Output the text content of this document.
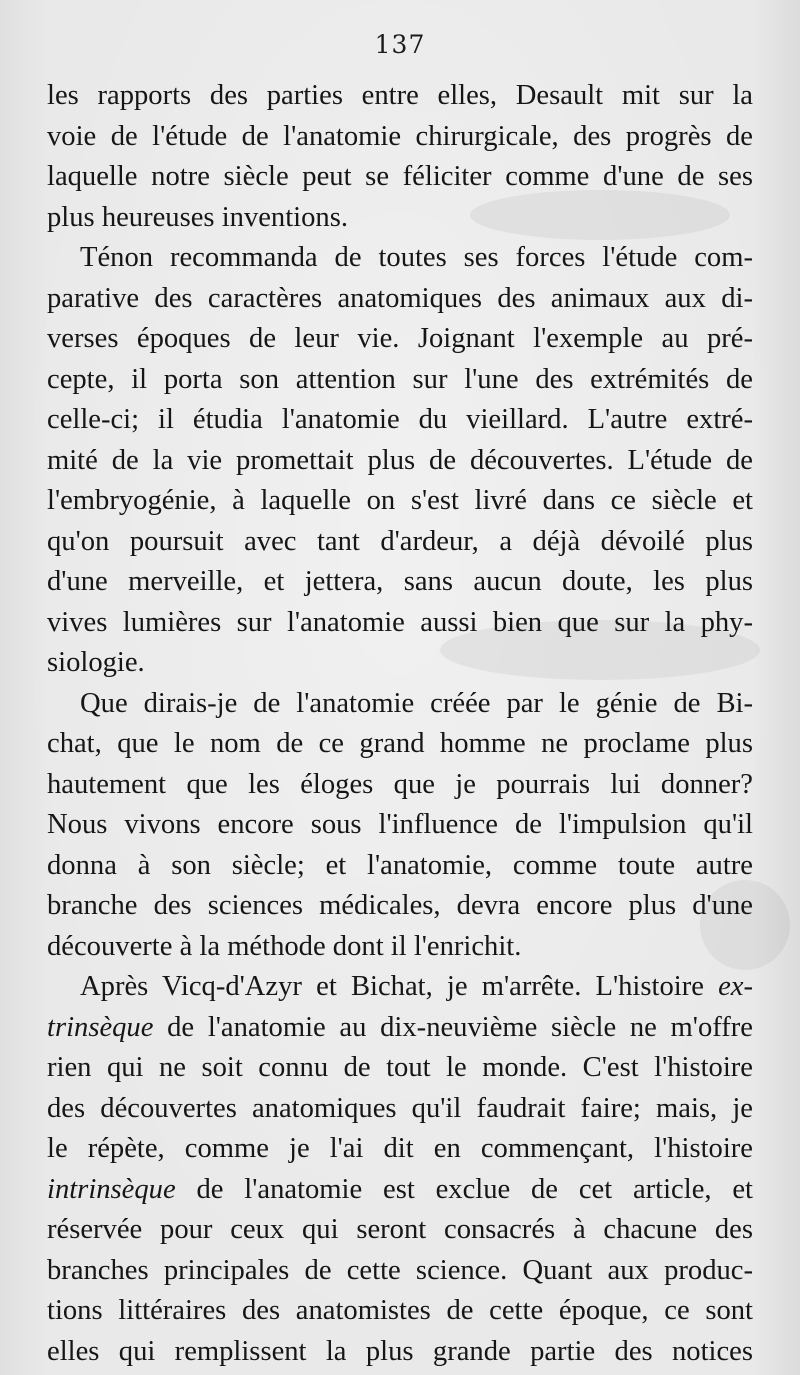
137
les rapports des parties entre elles, Desault mit sur la
voie de l'étude de l'anatomie chirurgicale, des progrès de
laquelle notre siècle peut se féliciter comme d'une de ses
plus heureuses inventions.
Ténon recommanda de toutes ses forces l'étude com-
parative des caractères anatomiques des animaux aux di-
verses époques de leur vie. Joignant l'exemple au pré-
cepte, il porta son attention sur l'une des extrémités de
celle-ci; il étudia l'anatomie du vieillard. L'autre extré-
mité de la vie promettait plus de découvertes. L'étude de
l'embryogénie, à laquelle on s'est livré dans ce siècle et
qu'on poursuit avec tant d'ardeur, a déjà dévoilé plus
d'une merveille, et jettera, sans aucun doute, les plus
vives lumières sur l'anatomie aussi bien que sur la phy-
siologie.
Que dirais-je de l'anatomie créée par le génie de Bi-
chat, que le nom de ce grand homme ne proclame plus
hautement que les éloges que je pourrais lui donner?
Nous vivons encore sous l'influence de l'impulsion qu'il
donna à son siècle; et l'anatomie, comme toute autre
branche des sciences médicales, devra encore plus d'une
découverte à la méthode dont il l'enrichit.
Après Vicq-d'Azyr et Bichat, je m'arrête. L'histoire ex-
trinsèque de l'anatomie au dix-neuvième siècle ne m'offre
rien qui ne soit connu de tout le monde. C'est l'histoire
des découvertes anatomiques qu'il faudrait faire; mais, je
le répète, comme je l'ai dit en commençant, l'histoire
intrinsèque de l'anatomie est exclue de cet article, et
réservée pour ceux qui seront consacrés à chacune des
branches principales de cette science. Quant aux produc-
tions littéraires des anatomistes de cette époque, ce sont
elles qui remplissent la plus grande partie des notices
